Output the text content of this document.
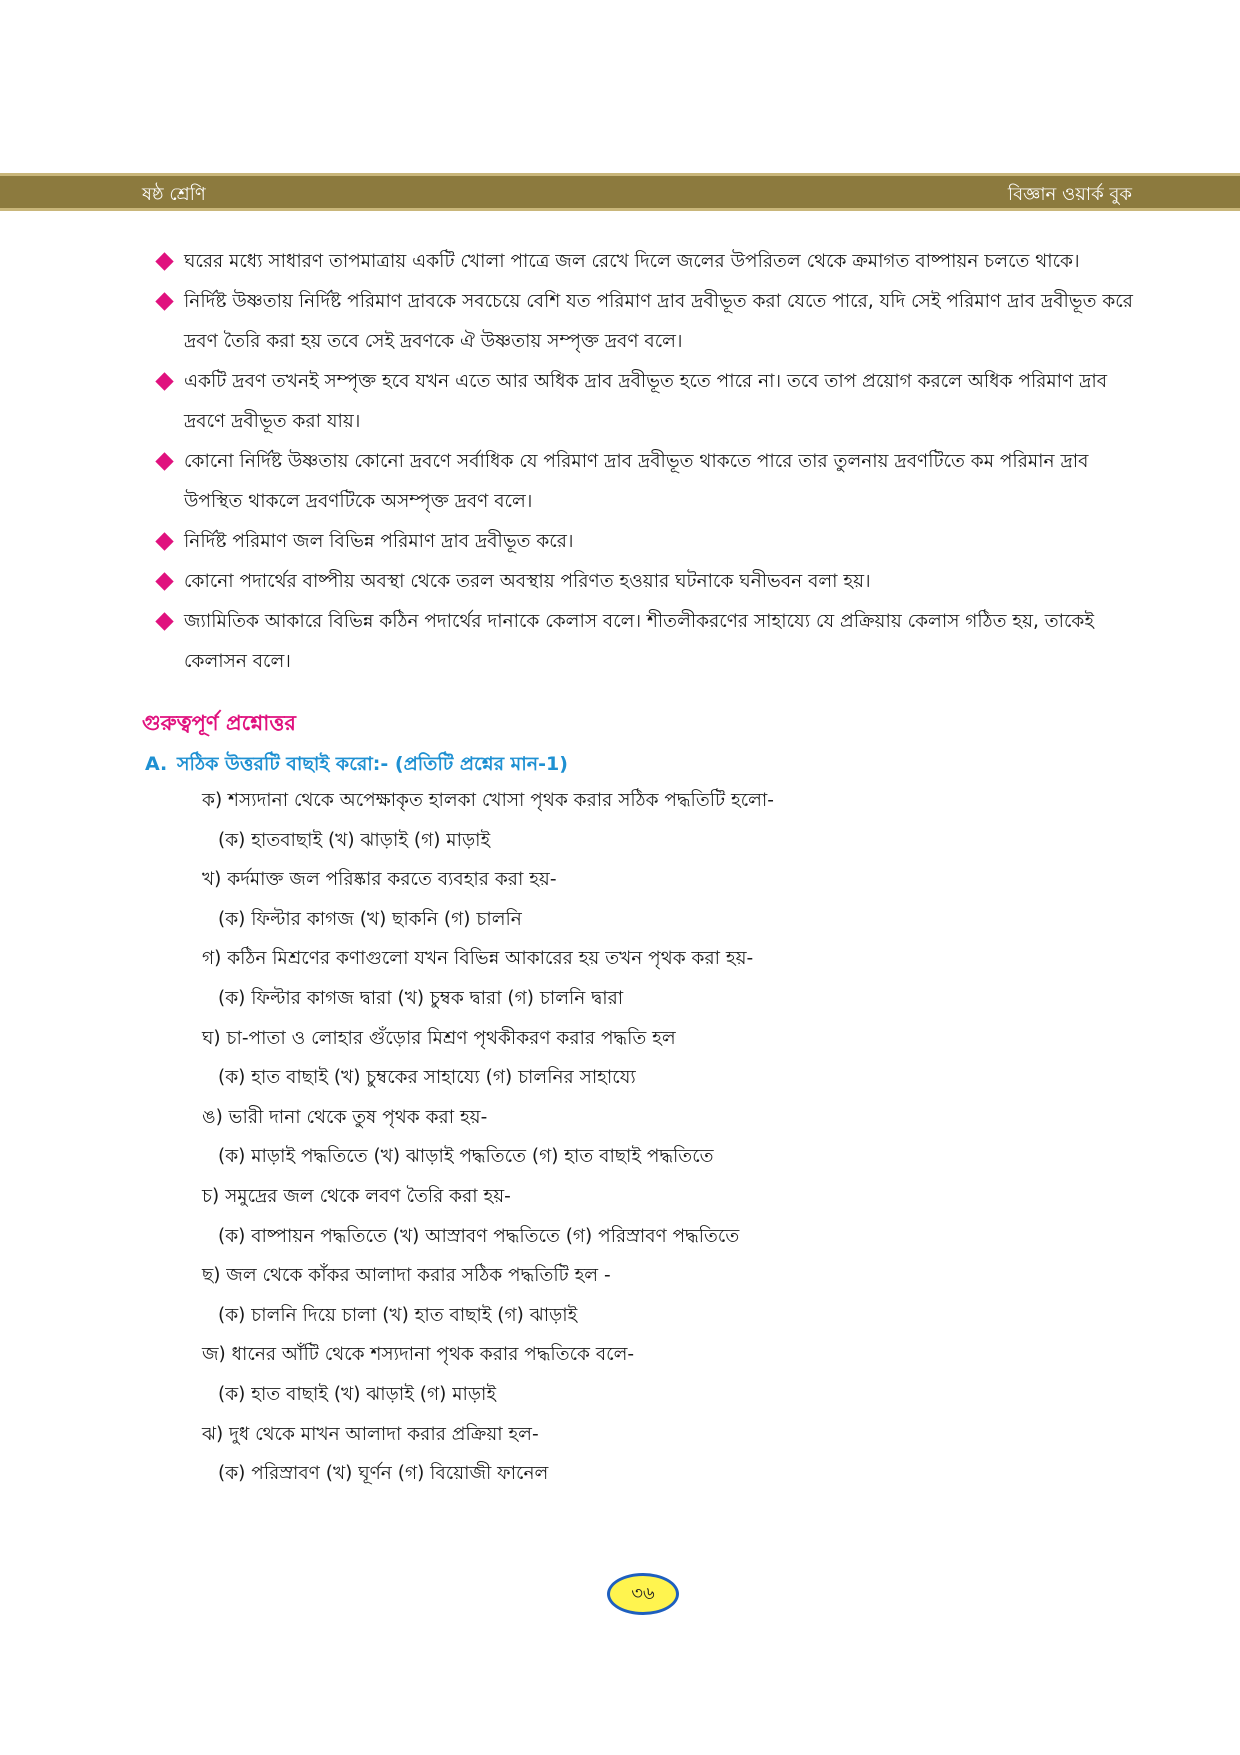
ষষ্ঠ শ্রেণি	বিজ্ঞান ওয়ার্ক বুক
ঘরের মধ্যে সাধারণ তাপমাত্রায় একটি খোলা পাত্রে জল রেখে দিলে জলের উপরিতল থেকে ক্রমাগত বাষ্পায়ন চলতে থাকে।
নির্দিষ্ট উষ্ণতায় নির্দিষ্ট পরিমাণ দ্রাবকে সবচেয়ে বেশি যত পরিমাণ দ্রাব দ্রবীভূত করা যেতে পারে, যদি সেই পরিমাণ দ্রাব দ্রবীভূত করে দ্রবণ তৈরি করা হয় তবে সেই দ্রবণকে ঐ উষ্ণতায় সম্পৃক্ত দ্রবণ বলে।
একটি দ্রবণ তখনই সম্পৃক্ত হবে যখন এতে আর অধিক দ্রাব দ্রবীভূত হতে পারে না। তবে তাপ প্রয়োগ করলে অধিক পরিমাণ দ্রাব দ্রবণে দ্রবীভূত করা যায়।
কোনো নির্দিষ্ট উষ্ণতায় কোনো দ্রবণে সর্বাধিক যে পরিমাণ দ্রাব দ্রবীভূত থাকতে পারে তার তুলনায় দ্রবণটিতে কম পরিমান দ্রাব উপস্থিত থাকলে দ্রবণটিকে অসম্পৃক্ত দ্রবণ বলে।
নির্দিষ্ট পরিমাণ জল বিভিন্ন পরিমাণ দ্রাব দ্রবীভূত করে।
কোনো পদার্থের বাষ্পীয় অবস্থা থেকে তরল অবস্থায় পরিণত হওয়ার ঘটনাকে ঘনীভবন বলা হয়।
জ্যামিতিক আকারে বিভিন্ন কঠিন পদার্থের দানাকে কেলাস বলে। শীতলীকরণের সাহায্যে যে প্রক্রিয়ায় কেলাস গঠিত হয়, তাকেই কেলাসন বলে।
গুরুত্বপূর্ণ প্রশ্নোত্তর
A. সঠিক উত্তরটি বাছাই করো:- (প্রতিটি প্রশ্নের মান-1)
ক) শস্যদানা থেকে অপেক্ষাকৃত হালকা খোসা পৃথক করার সঠিক পদ্ধতিটি হলো-
(ক) হাতবাছাই (খ) ঝাড়াই (গ) মাড়াই
খ) কর্দমাক্ত জল পরিষ্কার করতে ব্যবহার করা হয়-
(ক) ফিল্টার কাগজ (খ) ছাকনি (গ) চালনি
গ) কঠিন মিশ্রণের কণাগুলো যখন বিভিন্ন আকারের হয় তখন পৃথক করা হয়-
(ক) ফিল্টার কাগজ দ্বারা (খ) চুম্বক দ্বারা (গ) চালনি দ্বারা
ঘ) চা-পাতা ও লোহার গুঁড়োর মিশ্রণ পৃথকীকরণ করার পদ্ধতি হল
(ক) হাত বাছাই (খ) চুম্বকের সাহায্যে (গ) চালনির সাহায্যে
ঙ) ভারী দানা থেকে তুষ পৃথক করা হয়-
(ক) মাড়াই পদ্ধতিতে (খ) ঝাড়াই পদ্ধতিতে (গ) হাত বাছাই পদ্ধতিতে
চ) সমুদ্রের জল থেকে লবণ তৈরি করা হয়-
(ক) বাষ্পায়ন পদ্ধতিতে (খ) আস্রাবণ পদ্ধতিতে (গ) পরিস্রাবণ পদ্ধতিতে
ছ) জল থেকে কাঁকর আলাদা করার সঠিক পদ্ধতিটি হল -
(ক) চালনি দিয়ে চালা (খ) হাত বাছাই (গ) ঝাড়াই
জ) ধানের আঁটি থেকে শস্যদানা পৃথক করার পদ্ধতিকে বলে-
(ক) হাত বাছাই (খ) ঝাড়াই (গ) মাড়াই
ঝ) দুধ থেকে মাখন আলাদা করার প্রক্রিয়া হল-
(ক) পরিস্রাবণ (খ) ঘূর্ণন (গ) বিয়োজী ফানেল
৩৬
